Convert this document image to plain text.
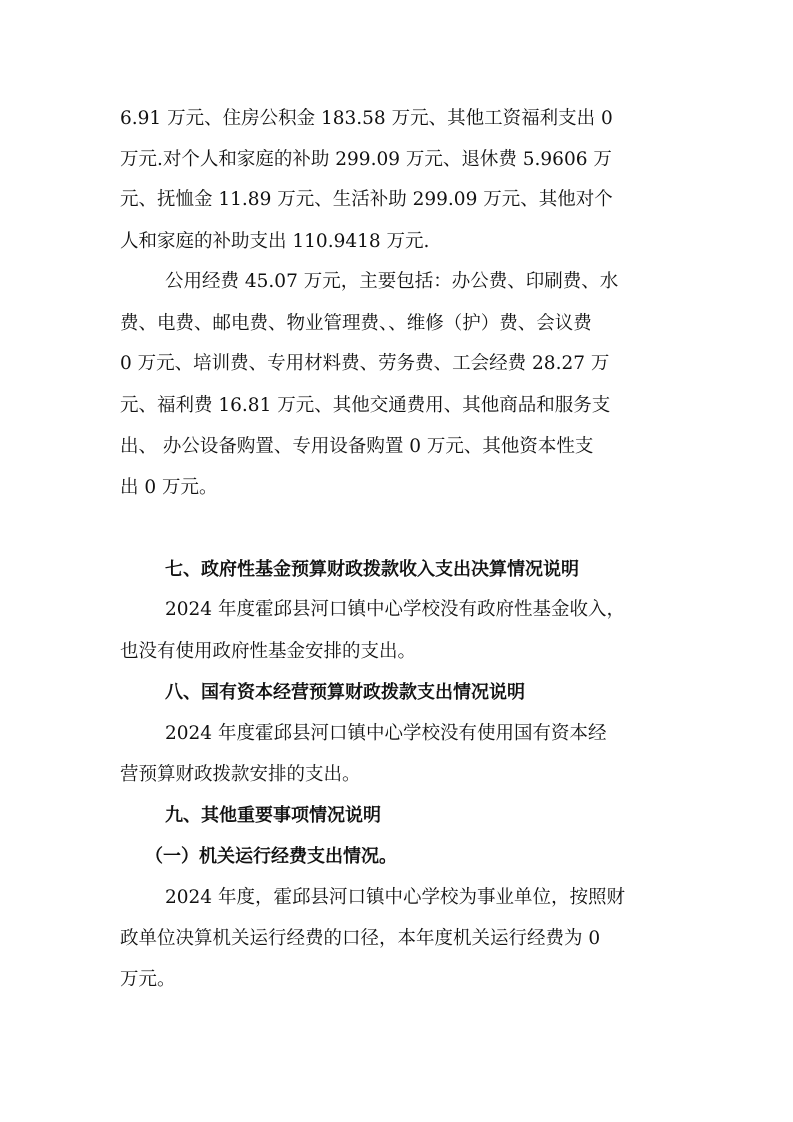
6.91 万元、住房公积金 183.58 万元、其他工资福利支出 0
万元.对个人和家庭的补助 299.09 万元、退休费 5.9606 万
元、抚恤金 11.89 万元、生活补助 299.09 万元、其他对个
人和家庭的补助支出 110.9418 万元.
公用经费 45.07 万元，主要包括：办公费、印刷费、水
费、电费、邮电费、物业管理费、、维修（护）费、会议费
0 万元、培训费、专用材料费、劳务费、工会经费 28.27 万
元、福利费 16.81 万元、其他交通费用、其他商品和服务支
出、 办公设备购置、专用设备购置 0 万元、其他资本性支
出 0 万元。
七、政府性基金预算财政拨款收入支出决算情况说明
2024 年度霍邱县河口镇中心学校没有政府性基金收入，
也没有使用政府性基金安排的支出。
八、国有资本经营预算财政拨款支出情况说明
2024 年度霍邱县河口镇中心学校没有使用国有资本经
营预算财政拨款安排的支出。
九、其他重要事项情况说明
（一）机关运行经费支出情况。
2024 年度，霍邱县河口镇中心学校为事业单位，按照财
政单位决算机关运行经费的口径，本年度机关运行经费为 0
万元。
